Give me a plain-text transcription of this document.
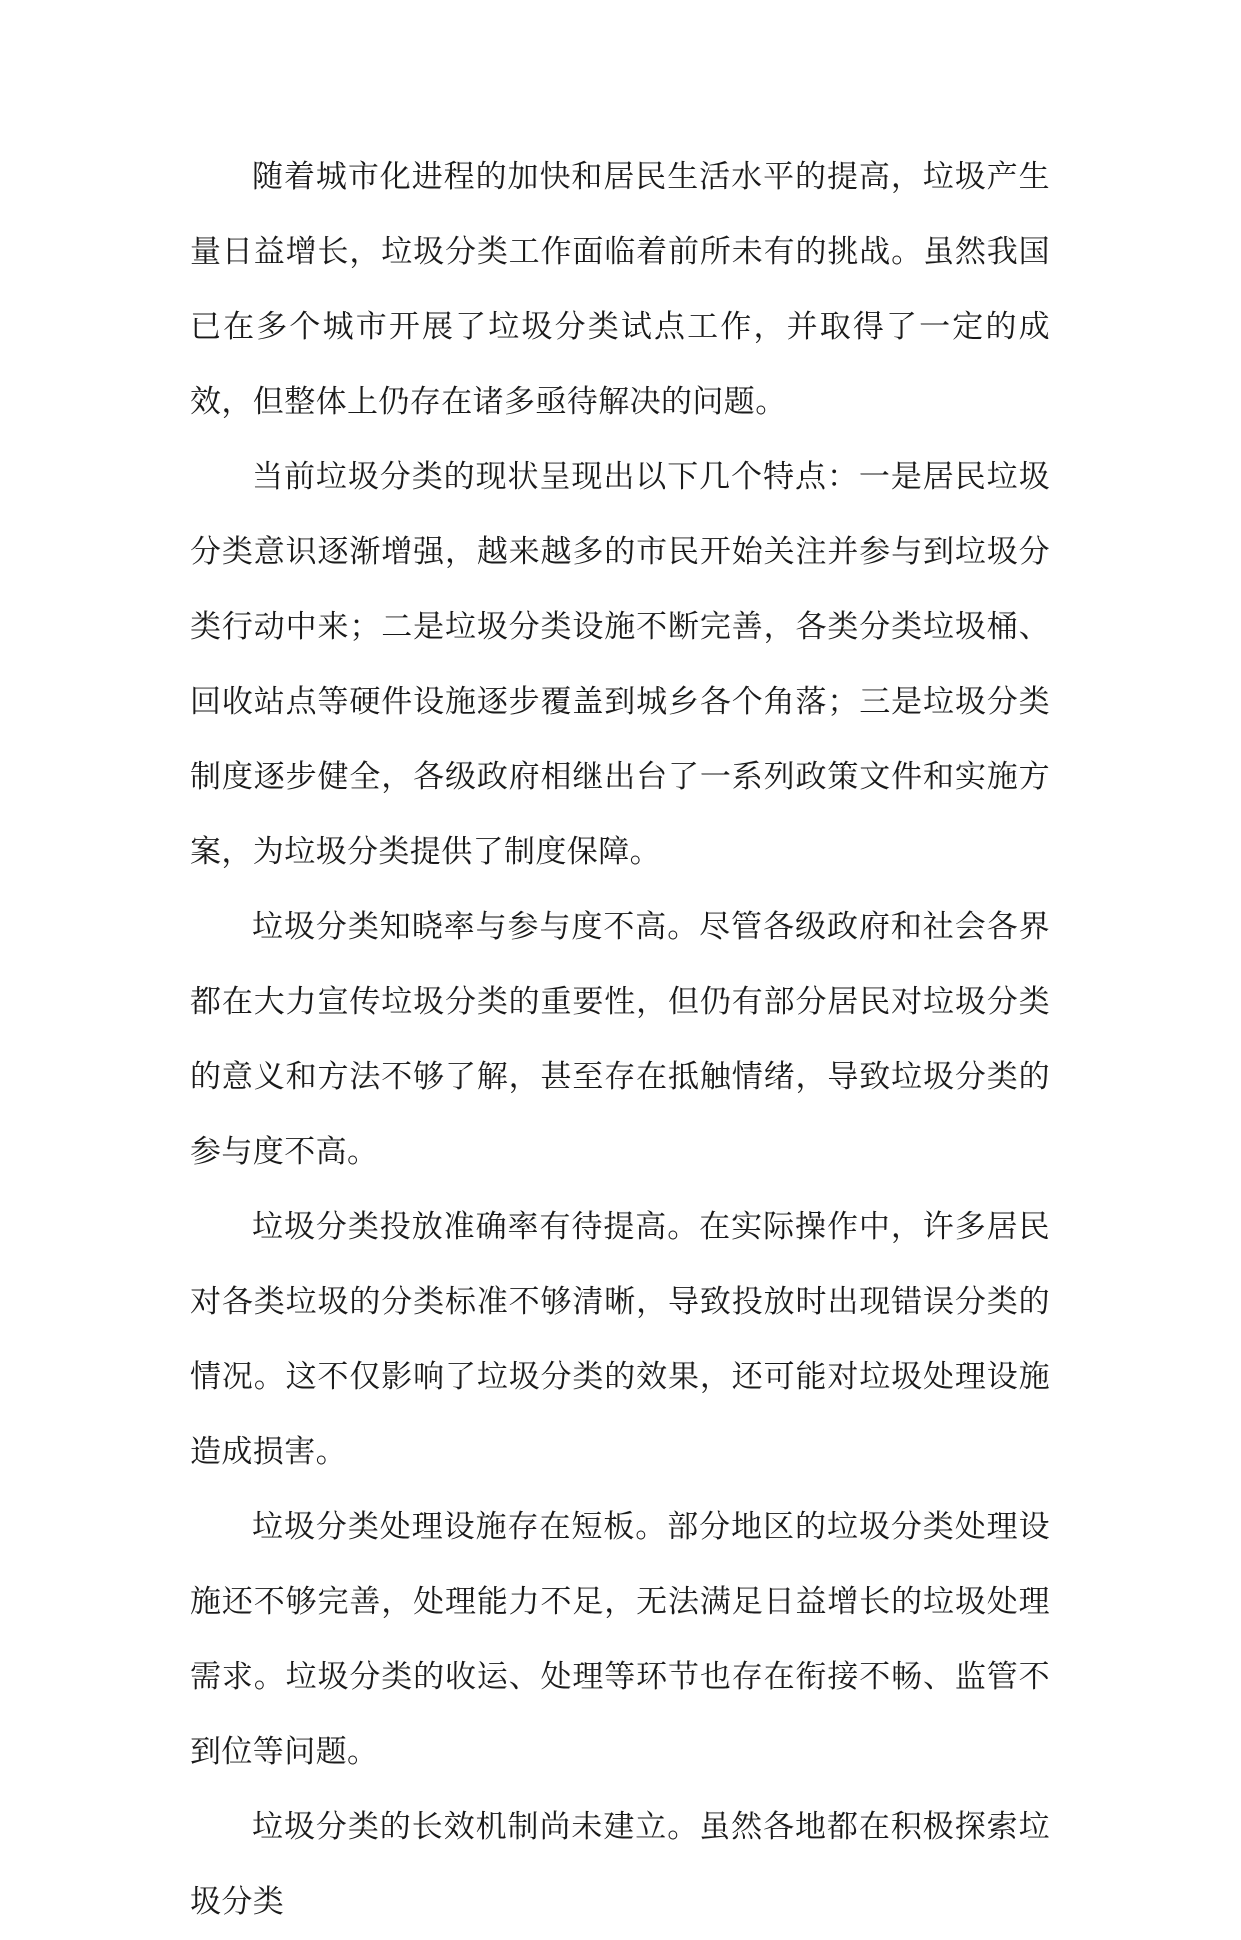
随着城市化进程的加快和居民生活水平的提高，垃圾产生量日益增长，垃圾分类工作面临着前所未有的挑战。虽然我国已在多个城市开展了垃圾分类试点工作，并取得了一定的成效，但整体上仍存在诸多亟待解决的问题。

当前垃圾分类的现状呈现出以下几个特点：一是居民垃圾分类意识逐渐增强，越来越多的市民开始关注并参与到垃圾分类行动中来；二是垃圾分类设施不断完善，各类分类垃圾桶、回收站点等硬件设施逐步覆盖到城乡各个角落；三是垃圾分类制度逐步健全，各级政府相继出台了一系列政策文件和实施方案，为垃圾分类提供了制度保障。

垃圾分类知晓率与参与度不高。尽管各级政府和社会各界都在大力宣传垃圾分类的重要性，但仍有部分居民对垃圾分类的意义和方法不够了解，甚至存在抵触情绪，导致垃圾分类的参与度不高。

垃圾分类投放准确率有待提高。在实际操作中，许多居民对各类垃圾的分类标准不够清晰，导致投放时出现错误分类的情况。这不仅影响了垃圾分类的效果，还可能对垃圾处理设施造成损害。

垃圾分类处理设施存在短板。部分地区的垃圾分类处理设施还不够完善，处理能力不足，无法满足日益增长的垃圾处理需求。垃圾分类的收运、处理等环节也存在衔接不畅、监管不到位等问题。

垃圾分类的长效机制尚未建立。虽然各地都在积极探索垃圾分类
